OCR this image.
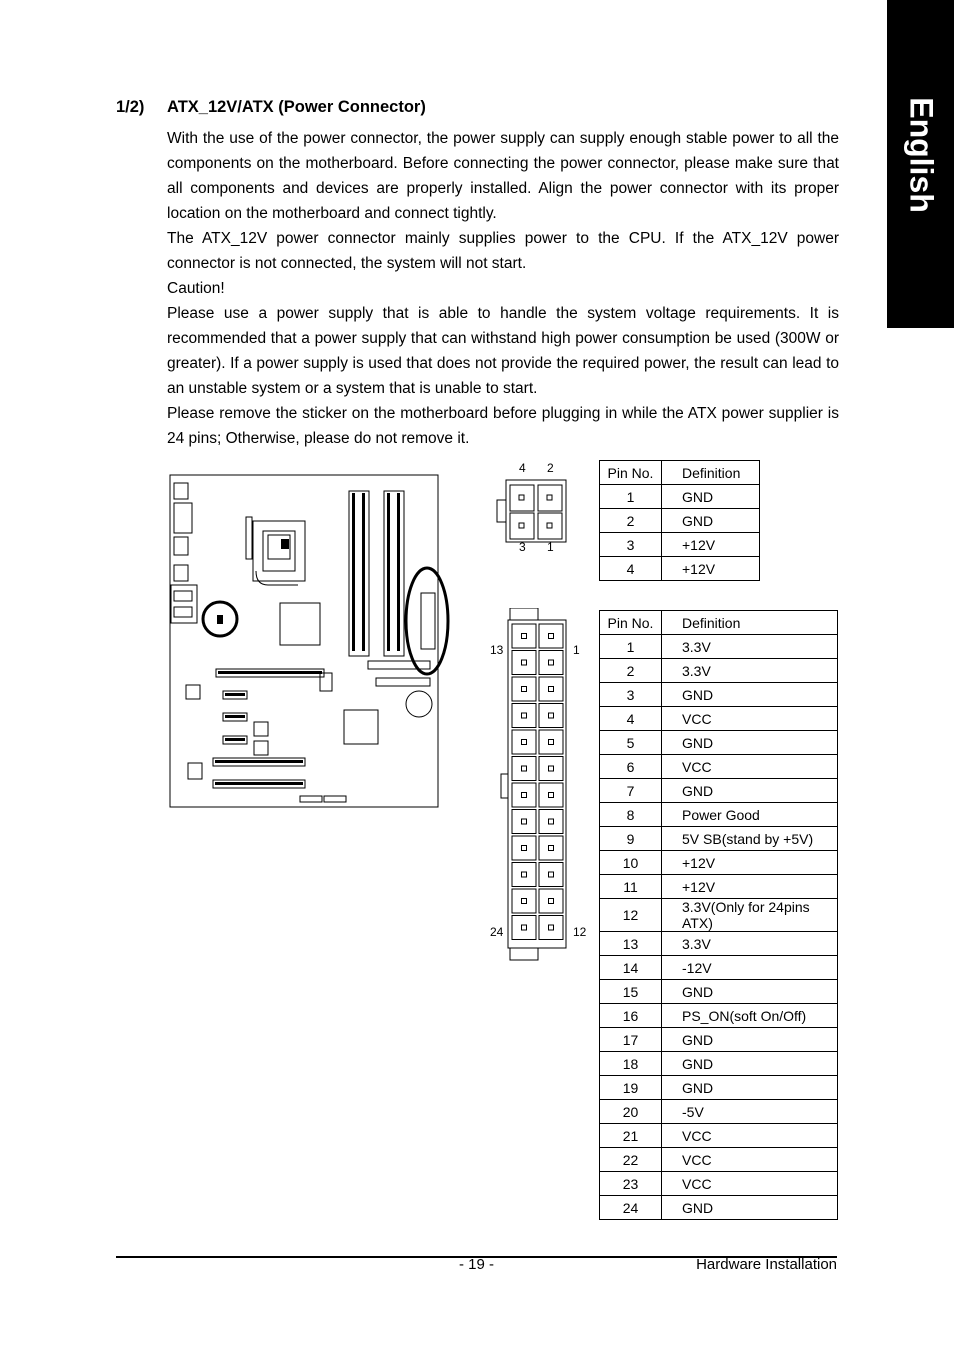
English
1/2) ATX_12V/ATX (Power Connector)

With the use of the power connector, the power supply can supply enough stable power to all the components on the motherboard. Before connecting the power connector, please make sure that all components and devices are properly installed. Align the power connector with its proper location on the motherboard and connect tightly.

The ATX_12V power connector mainly supplies power to the CPU. If the ATX_12V power connector is not connected, the system will not start.

Caution!

Please use a power supply that is able to handle the system voltage requirements. It is recommended that a power supply that can withstand high power consumption be used (300W or greater). If a power supply is used that does not provide the required power, the result can lead to an unstable system or a system that is unable to start.

Please remove the sticker on the motherboard before plugging in while the ATX power supplier is 24 pins; Otherwise, please do not remove it.

4 2
3 1
13	1
24	12
Pin No.	Definition
1	GND
2	GND
3	+12V
4	+12V
Pin No.	Definition
1	3.3V
2	3.3V
3	GND
4	VCC
5	GND
6	VCC
7	GND
8	Power Good
9	5V SB(stand by +5V)
10	+12V
11	+12V
12	3.3V(Only for 24pins ATX)
13	3.3V
14	-12V
15	GND
16	PS_ON(soft On/Off)
17	GND
18	GND
19	GND
20	-5V
21	VCC
22	VCC
23	VCC
24	GND
- 19 -	Hardware Installation
